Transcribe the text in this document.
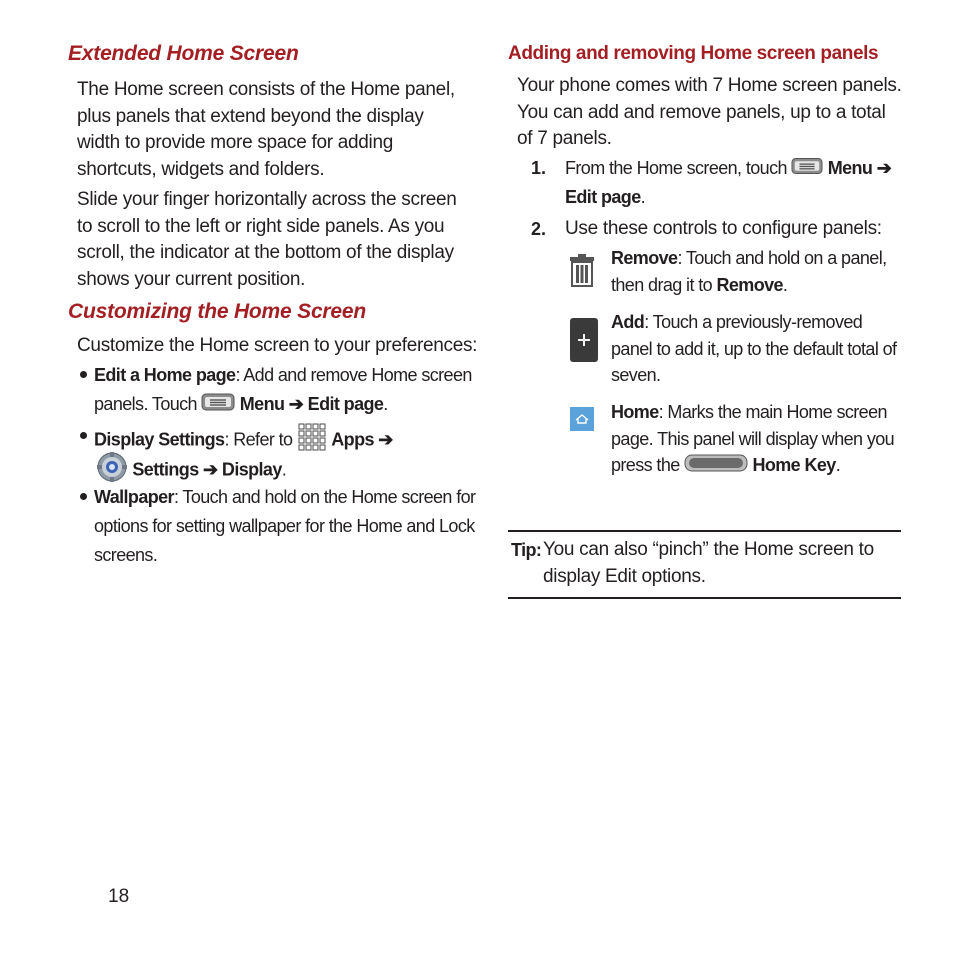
Extended Home Screen

The Home screen consists of the Home panel, plus panels that extend beyond the display width to provide more space for adding shortcuts, widgets and folders.

Slide your finger horizontally across the screen to scroll to the left or right side panels. As you scroll, the indicator at the bottom of the display shows your current position.

Customizing the Home Screen

Customize the Home screen to your preferences:

Edit a Home page: Add and remove Home screen
panels. Touch Menu ➔ Edit page.
Display Settings: Refer to Apps ➔
Settings ➔ Display.
Wallpaper: Touch and hold on the Home screen for
options for setting wallpaper for the Home and Lock
screens.
Adding and removing Home screen panels

Your phone comes with 7 Home screen panels. You can add and remove panels, up to a total of 7 panels.

1. From the Home screen, touch Menu ➔
Edit page.
2. Use these controls to configure panels:
Remove: Touch and hold on a panel,
then drag it to Remove.
Add: Touch a previously-removed panel to add it, up to the default total of seven.
Home: Marks the main Home screen page. This panel will display when you press the	Home Key.
Tip: You can also “pinch” the Home screen to display Edit options.
18
